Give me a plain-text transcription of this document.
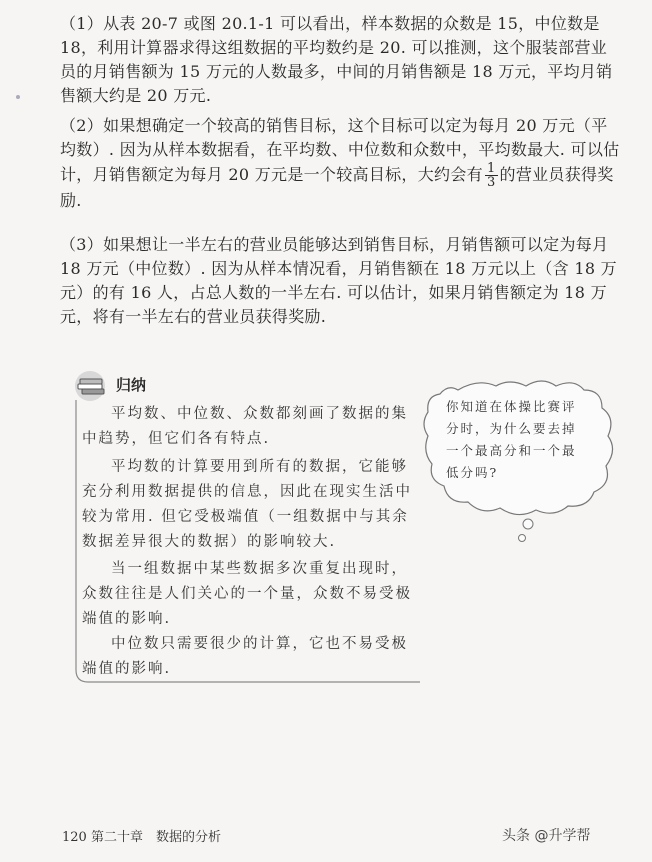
（1）从表 20-7 或图 20.1-1 可以看出，样本数据的众数是 15，中位数是 18，利用计算器求得这组数据的平均数约是 20. 可以推测，这个服装部营业员的月销售额为 15 万元的人数最多，中间的月销售额是 18 万元，平均月销售额大约是 20 万元.

（2）如果想确定一个较高的销售目标，这个目标可以定为每月 20 万元（平均数）. 因为从样本数据看，在平均数、中位数和众数中，平均数最大. 可以估计，月销售额定为每月 20 万元是一个较高目标，大约会有 $\frac{1}{3}$ 的营业员获得奖励.

（3）如果想让一半左右的营业员能够达到销售目标，月销售额可以定为每月 18 万元（中位数）. 因为从样本情况看，月销售额在 18 万元以上（含 18 万元）的有 16 人，占总人数的一半左右. 可以估计，如果月销售额定为 18 万元，将有一半左右的营业员获得奖励.

归纳

平均数、中位数、众数都刻画了数据的集中趋势，但它们各有特点.

平均数的计算要用到所有的数据，它能够充分利用数据提供的信息，因此在现实生活中较为常用. 但它受极端值（一组数据中与其余数据差异很大的数据）的影响较大.

当一组数据中某些数据多次重复出现时，众数往往是人们关心的一个量，众数不易受极端值的影响.

中位数只需要很少的计算，它也不易受极端值的影响.

你知道在体操比赛评分时，为什么要去掉一个最高分和一个最低分吗?

120 第二十章　数据的分析	头条 @升学帮
